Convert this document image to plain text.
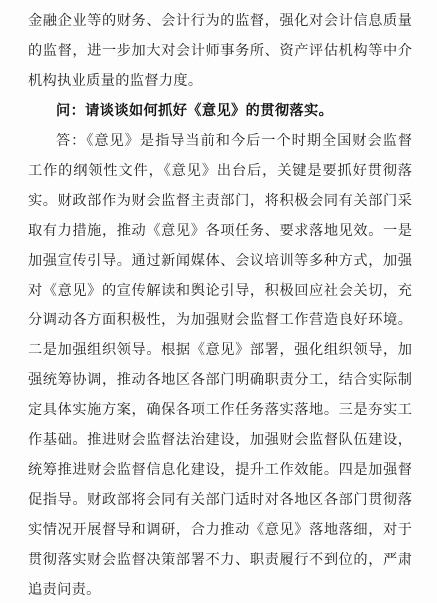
金融企业等的财务、会计行为的监督，强化对会计信息质量
的监督，进一步加大对会计师事务所、资产评估机构等中介
机构执业质量的监督力度。
问：请谈谈如何抓好《意见》的贯彻落实。
答：《意见》是指导当前和今后一个时期全国财会监督
工作的纲领性文件，《意见》出台后，关键是要抓好贯彻落
实。财政部作为财会监督主责部门，将积极会同有关部门采
取有力措施，推动《意见》各项任务、要求落地见效。一是
加强宣传引导。通过新闻媒体、会议培训等多种方式，加强
对《意见》的宣传解读和舆论引导，积极回应社会关切，充
分调动各方面积极性，为加强财会监督工作营造良好环境。
二是加强组织领导。根据《意见》部署，强化组织领导，加
强统筹协调，推动各地区各部门明确职责分工，结合实际制
定具体实施方案，确保各项工作任务落实落地。三是夯实工
作基础。推进财会监督法治建设，加强财会监督队伍建设，
统筹推进财会监督信息化建设，提升工作效能。四是加强督
促指导。财政部将会同有关部门适时对各地区各部门贯彻落
实情况开展督导和调研，合力推动《意见》落地落细，对于
贯彻落实财会监督决策部署不力、职责履行不到位的，严肃
追责问责。
